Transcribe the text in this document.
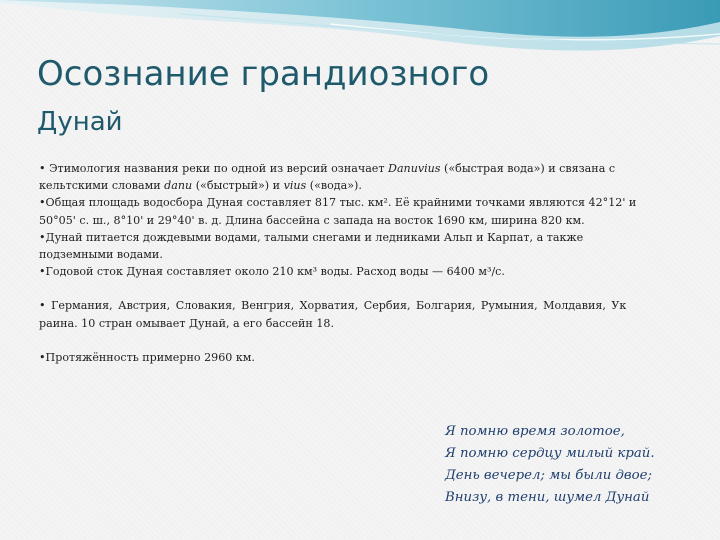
Осознание грандиозного
Дунай

• Этимология названия реки по одной из версий означает Danuvius («быстрая вода») и связана с

кельтскими словами danu («быстрый») и vius («вода»).

•Общая площадь водосбора Дуная составляет 817 тыс. км². Её крайними точками являются 42°12' и

50°05' с. ш., 8°10' и 29°40' в. д. Длина бассейна с запада на восток 1690 км, ширина 820 км.

•Дунай питается дождевыми водами, талыми снегами и ледниками Альп и Карпат, а также

подземными водами.

•Годовой сток Дуная составляет около 210 км³ воды. Расход воды — 6400 м³/с.

• Германия, Австрия, Словакия, Венгрия, Хорватия, Сербия, Болгария, Румыния, Молдавия, Ук

раина. 10 стран омывает Дунай, а его бассейн 18.

•Протяжённость примерно 2960 км.

Я помню время золотое,
Я помню сердцу милый край.
День вечерел; мы были двое;
Внизу, в тени, шумел Дунай
